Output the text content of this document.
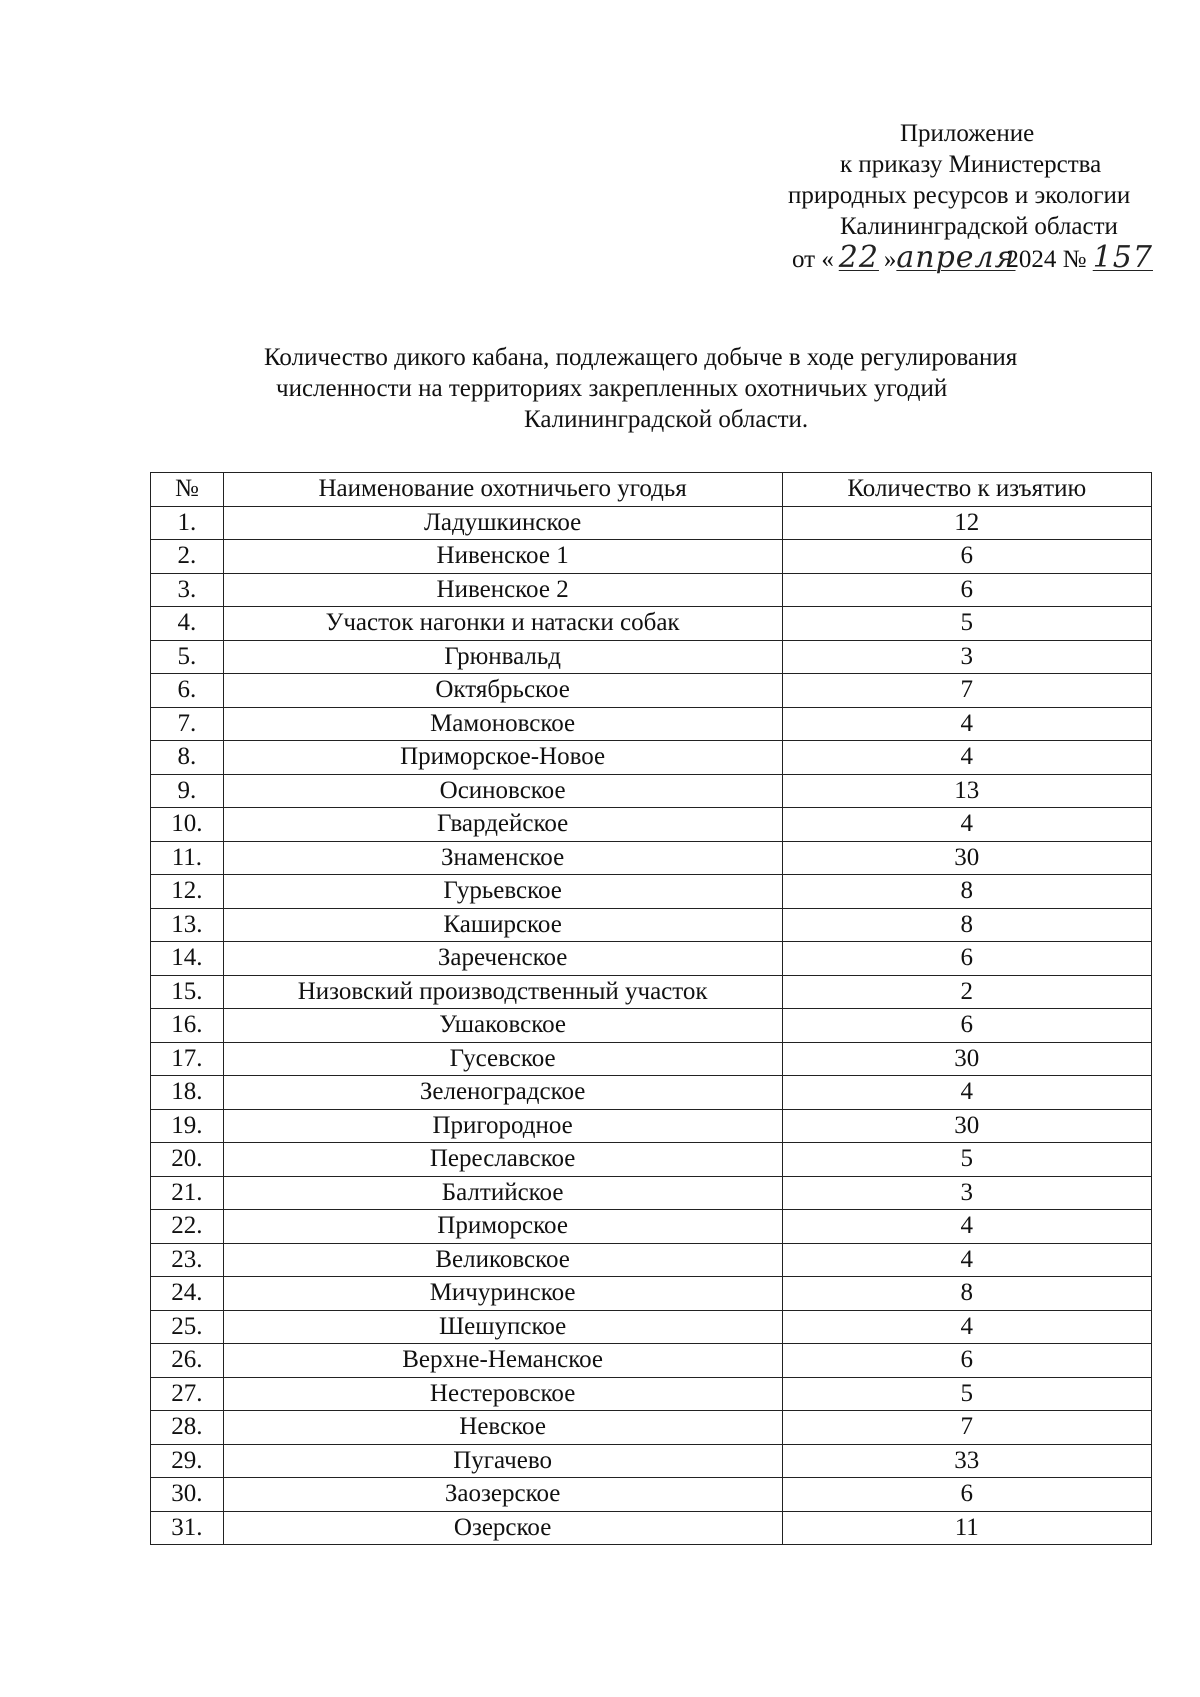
Приложение
к приказу Министерства
природных ресурсов и экологии
Калининградской области
от « 22 »апреля2024 № 157
Количество дикого кабана, подлежащего добыче в ходе регулирования
численности на территориях закрепленных охотничьих угодий
Калининградской области.
№	Наименование охотничьего угодья	Количество к изъятию
1.	Ладушкинское	12
2.	Нивенское 1	6
3.	Нивенское 2	6
4.	Участок нагонки и натаски собак	5
5.	Грюнвальд	3
6.	Октябрьское	7
7.	Мамоновское	4
8.	Приморское-Новое	4
9.	Осиновское	13
10.	Гвардейское	4
11.	Знаменское	30
12.	Гурьевское	8
13.	Каширское	8
14.	Зареченское	6
15.	Низовский производственный участок	2
16.	Ушаковское	6
17.	Гусевское	30
18.	Зеленоградское	4
19.	Пригородное	30
20.	Переславское	5
21.	Балтийское	3
22.	Приморское	4
23.	Великовское	4
24.	Мичуринское	8
25.	Шешупское	4
26.	Верхне-Неманское	6
27.	Нестеровское	5
28.	Невское	7
29.	Пугачево	33
30.	Заозерское	6
31.	Озерское	11
